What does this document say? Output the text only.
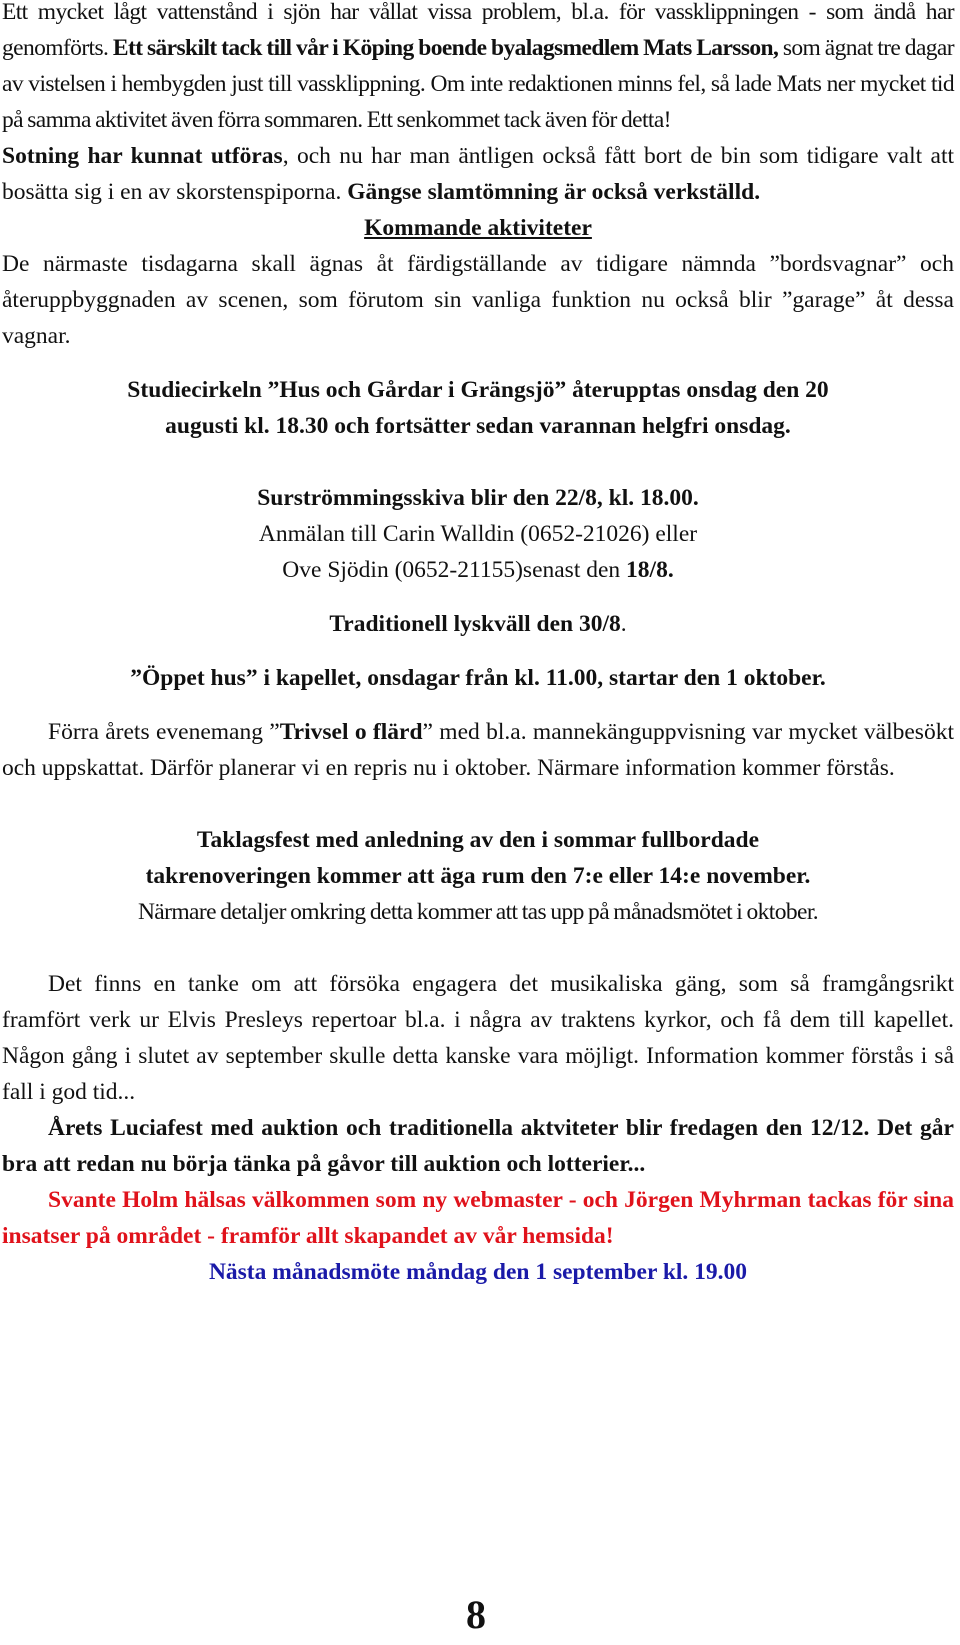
Ett mycket lågt vattenstånd i sjön har vållat vissa problem, bl.a. för vassklippningen - som ändå har genomförts. Ett särskilt tack till vår i Köping boende byalagsmedlem Mats Larsson, som ägnat tre dagar av vistelsen i hembygden just till vassklippning. Om inte redaktionen minns fel, så lade Mats ner mycket tid på samma aktivitet även förra sommaren. Ett senkommet tack även för detta!

Sotning har kunnat utföras, och nu har man äntligen också fått bort de bin som tidigare valt att bosätta sig i en av skorstenspiporna. Gängse slamtömning är också verkställd.

Kommande aktiviteter

De närmaste tisdagarna skall ägnas åt färdigställande av tidigare nämnda ”bordsvagnar” och återuppbyggnaden av scenen, som förutom sin vanliga funktion nu också blir ”garage” åt dessa vagnar.

Studiecirkeln ”Hus och Gårdar i Grängsjö” återupptas onsdag den 20
augusti kl. 18.30 och fortsätter sedan varannan helgfri onsdag.

Surströmmingsskiva blir den 22/8, kl. 18.00.
Anmälan till Carin Walldin (0652-21026) eller
Ove Sjödin (0652-21155)senast den 18/8.

Traditionell lyskväll den 30/8.

”Öppet hus” i kapellet, onsdagar från kl. 11.00, startar den 1 oktober.

Förra årets evenemang ”Trivsel o flärd” med bl.a. mannekänguppvisning var mycket välbesökt och uppskattat. Därför planerar vi en repris nu i oktober. Närmare information kommer förstås.

Taklagsfest med anledning av den i sommar fullbordade
takrenoveringen kommer att äga rum den 7:e eller 14:e november.

Närmare detaljer omkring detta kommer att tas upp på månadsmötet i oktober.

Det finns en tanke om att försöka engagera det musikaliska gäng, som så framgångsrikt framfört verk ur Elvis Presleys repertoar bl.a. i några av traktens kyrkor, och få dem till kapellet. Någon gång i slutet av september skulle detta kanske vara möjligt. Information kommer förstås i så fall i god tid...

Årets Luciafest med auktion och traditionella aktviteter blir fredagen den 12/12. Det går bra att redan nu börja tänka på gåvor till auktion och lotterier...

Svante Holm hälsas välkommen som ny webmaster - och Jörgen Myhrman tackas för sina insatser på området - framför allt skapandet av vår hemsida!

Nästa månadsmöte måndag den 1 september kl. 19.00

8
